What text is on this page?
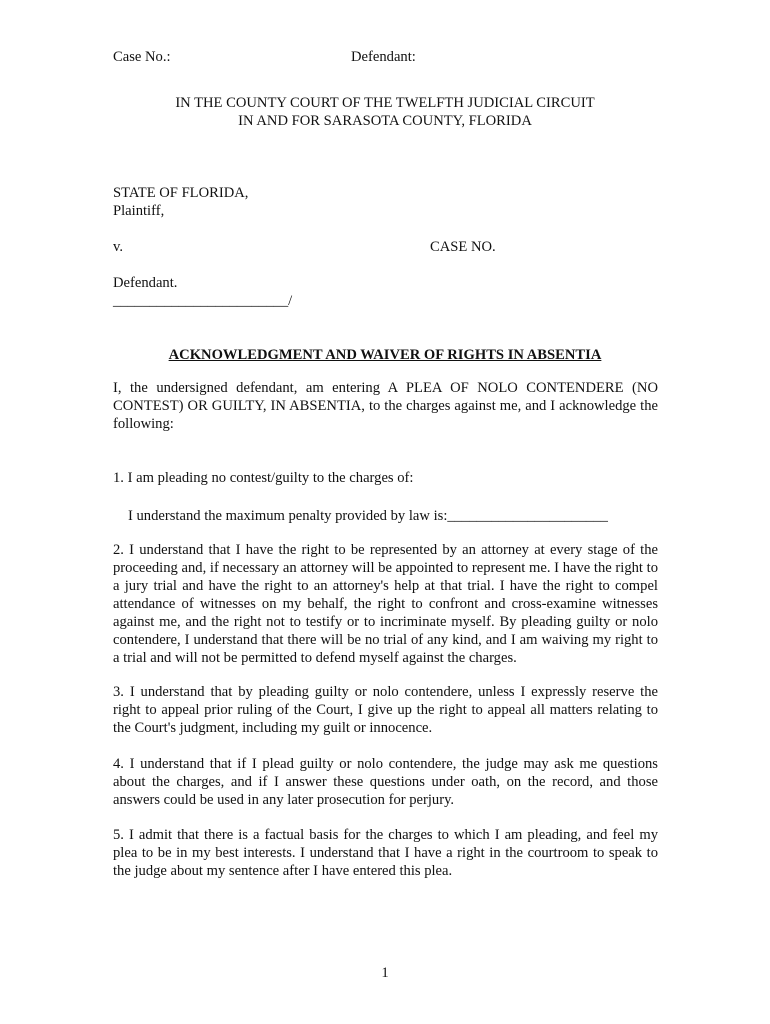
Case No.:	Defendant:
IN THE COUNTY COURT OF THE TWELFTH JUDICIAL CIRCUIT
IN AND FOR SARASOTA COUNTY, FLORIDA
STATE OF FLORIDA,
Plaintiff,
v.	CASE NO.
Defendant.
________________________/
ACKNOWLEDGMENT AND WAIVER OF RIGHTS IN ABSENTIA
I, the undersigned defendant, am entering A PLEA OF NOLO CONTENDERE (NO CONTEST) OR GUILTY, IN ABSENTIA, to the charges against me, and I acknowledge the following:
1. I am pleading no contest/guilty to the charges of:
I understand the maximum penalty provided by law is:______________________
2. I understand that I have the right to be represented by an attorney at every stage of the proceeding and, if necessary an attorney will be appointed to represent me. I have the right to a jury trial and have the right to an attorney's help at that trial. I have the right to compel attendance of witnesses on my behalf, the right to confront and cross-examine witnesses against me, and the right not to testify or to incriminate myself. By pleading guilty or nolo contendere, I understand that there will be no trial of any kind, and I am waiving my right to a trial and will not be permitted to defend myself against the charges.
3. I understand that by pleading guilty or nolo contendere, unless I expressly reserve the right to appeal prior ruling of the Court, I give up the right to appeal all matters relating to the Court's judgment, including my guilt or innocence.
4. I understand that if I plead guilty or nolo contendere, the judge may ask me questions about the charges, and if I answer these questions under oath, on the record, and those answers could be used in any later prosecution for perjury.
5. I admit that there is a factual basis for the charges to which I am pleading, and feel my plea to be in my best interests. I understand that I have a right in the courtroom to speak to the judge about my sentence after I have entered this plea.
1
